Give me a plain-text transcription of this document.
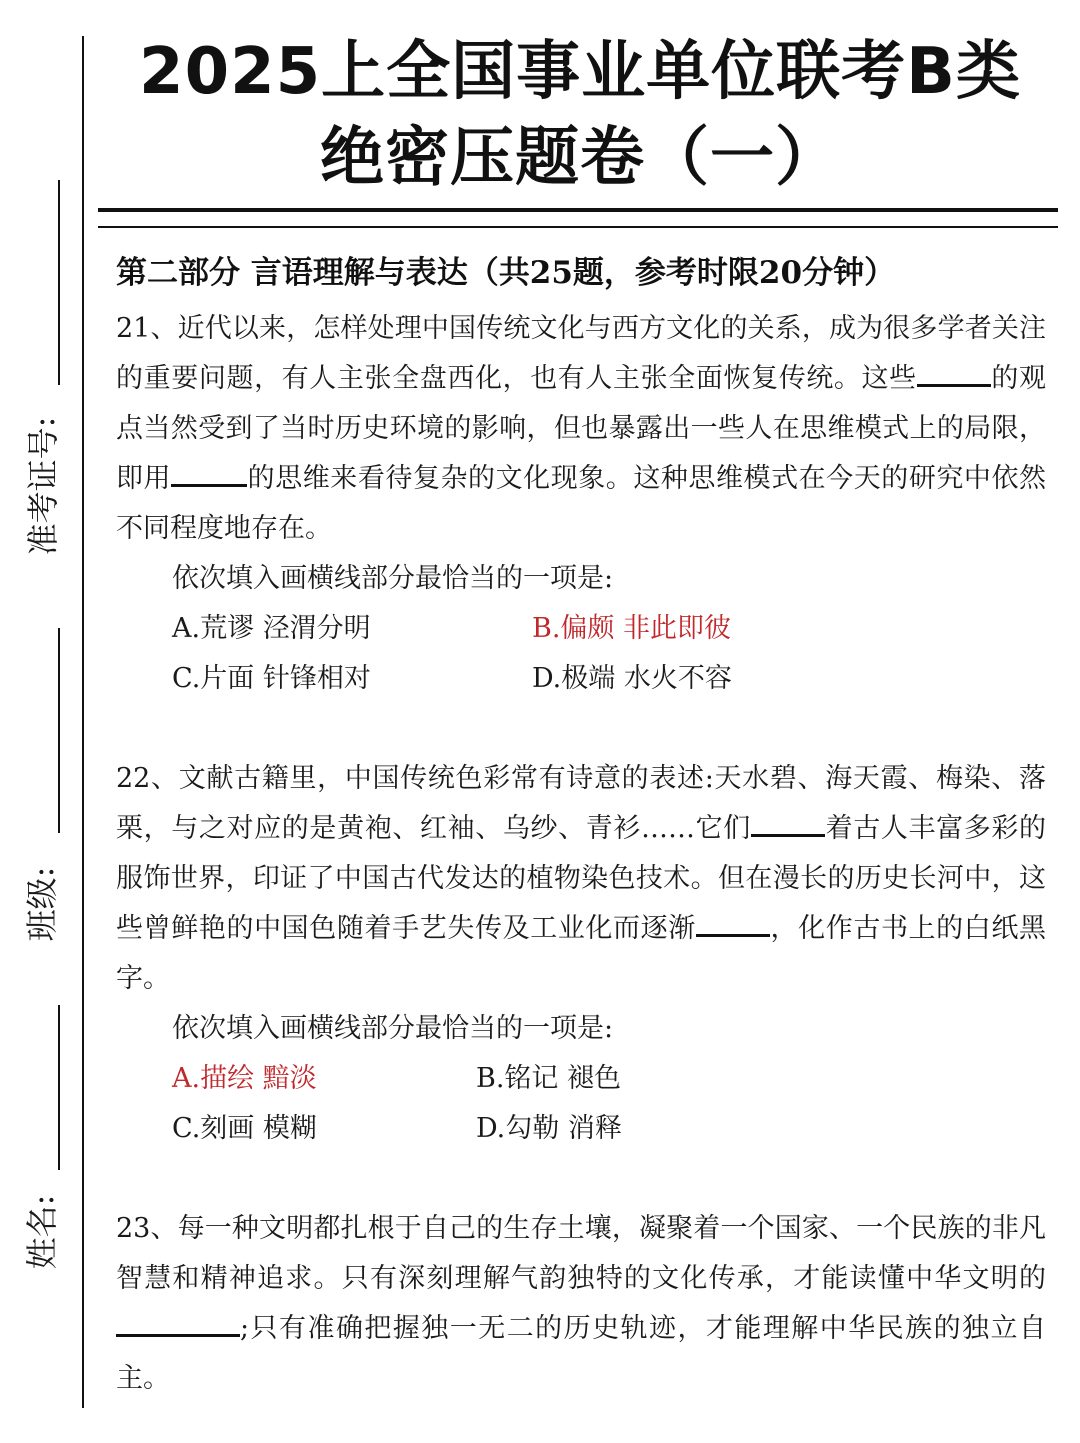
准考证号:
班级:
姓名:
2025上全国事业单位联考B类
绝密压题卷（一）
第二部分 言语理解与表达（共25题，参考时限20分钟）
21、近代以来，怎样处理中国传统文化与西方文化的关系，成为很多学者关注的重要问题，有人主张全盘西化，也有人主张全面恢复传统。这些	的观点当然受到了当时历史环境的影响，但也暴露出一些人在思维模式上的局限，即用	的思维来看待复杂的文化现象。这种思维模式在今天的研究中依然不同程度地存在。
依次填入画横线部分最恰当的一项是:
A.荒谬 泾渭分明	B.偏颇 非此即彼
C.片面 针锋相对	D.极端 水火不容
22、文献古籍里，中国传统色彩常有诗意的表述:天水碧、海天霞、梅染、落栗，与之对应的是黄袍、红袖、乌纱、青衫……它们	着古人丰富多彩的服饰世界，印证了中国古代发达的植物染色技术。但在漫长的历史长河中，这些曾鲜艳的中国色随着手艺失传及工业化而逐渐	，化作古书上的白纸黑字。
依次填入画横线部分最恰当的一项是:
A.描绘 黯淡	B.铭记 褪色
C.刻画 模糊	D.勾勒 消释
23、每一种文明都扎根于自己的生存土壤，凝聚着一个国家、一个民族的非凡智慧和精神追求。只有深刻理解气韵独特的文化传承，才能读懂中华文明的;只有准确把握独一无二的历史轨迹，才能理解中华民族的独立自主。
